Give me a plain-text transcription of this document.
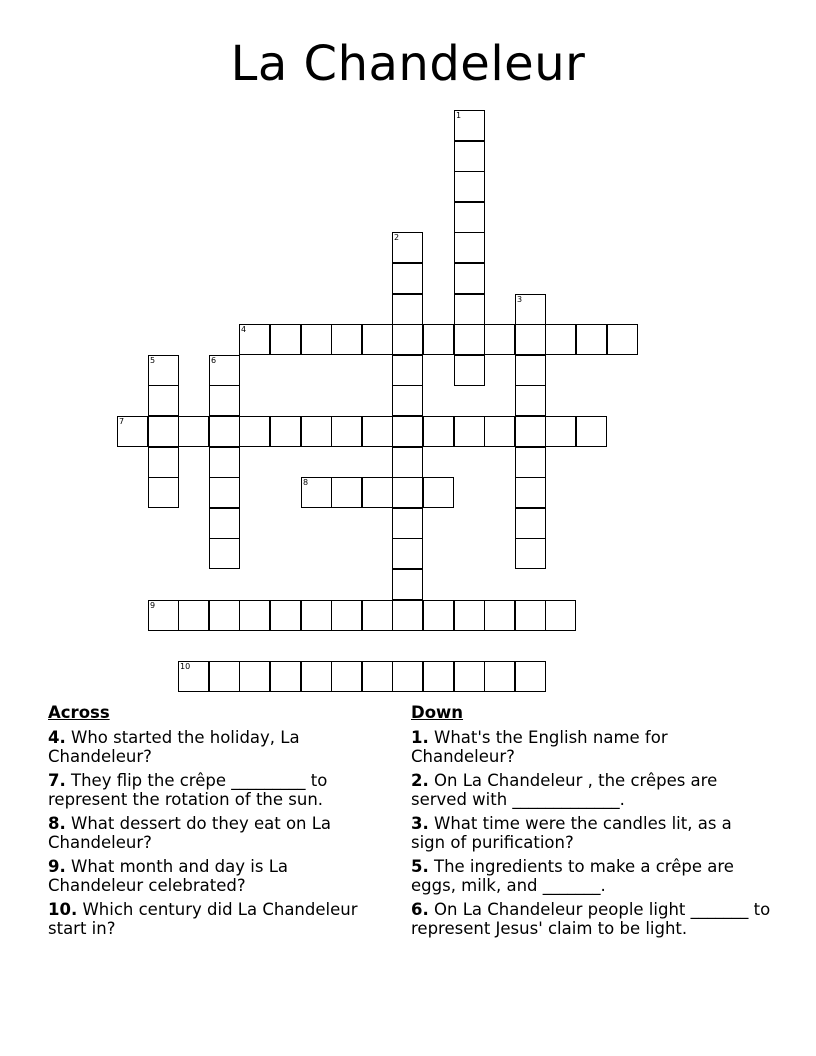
La Chandeleur
1
2
3
4
5	6
7
8
9
10
Across
4. Who started the holiday, La Chandeleur?
7. They flip the crêpe _________ to represent the rotation of the sun.
8. What dessert do they eat on La Chandeleur?
9. What month and day is La Chandeleur celebrated?
10. Which century did La Chandeleur start in?
Down
1. What's the English name for Chandeleur?
2. On La Chandeleur , the crêpes are served with _____________.
3. What time were the candles lit, as a sign of purification?
5. The ingredients to make a crêpe are eggs, milk, and _______.
6. On La Chandeleur people light _______ to represent Jesus' claim to be light.
